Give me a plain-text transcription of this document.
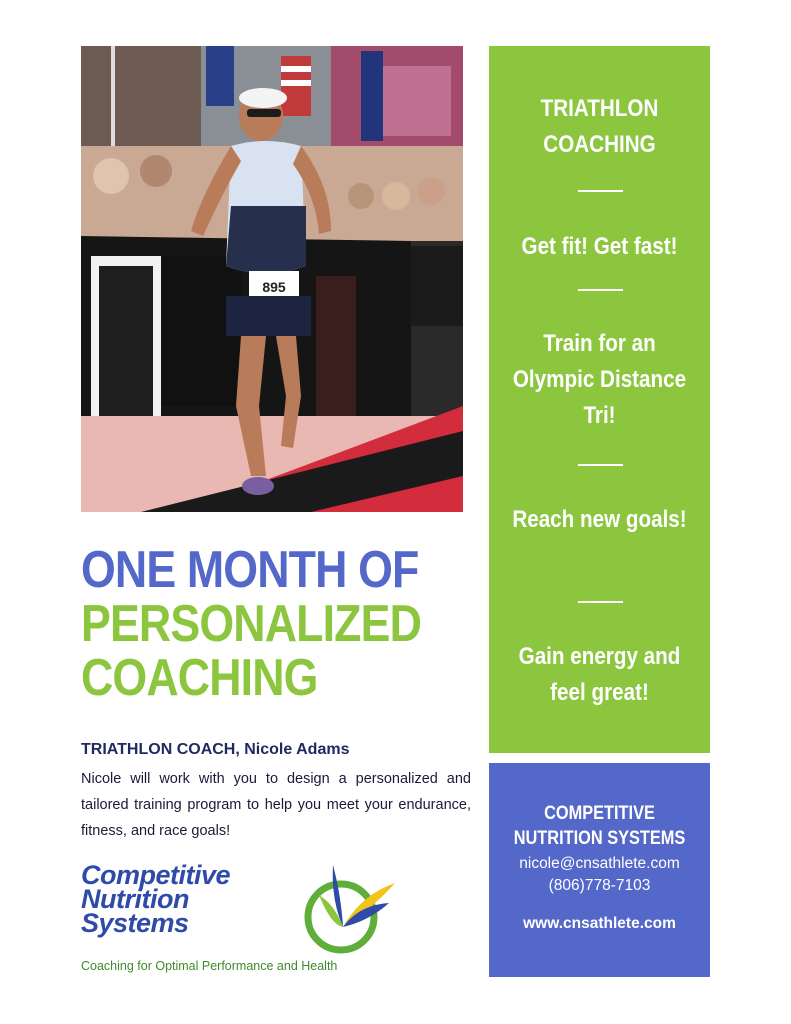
895
ONE MONTH OF
PERSONALIZED
COACHING
TRIATHLON COACH, Nicole Adams
Nicole will work with you to design a personalized and tailored training program to help you meet your endurance, fitness, and race goals!
Competitive
Nutrition
Systems
Coaching for Optimal Performance and Health
TRIATHLON COACHING
Get fit! Get fast!
Train for an Olympic Distance Tri!
Reach new goals!
Gain energy and feel great!
COMPETITIVE NUTRITION SYSTEMS
nicole@cnsathlete.com
(806)778-7103
www.cnsathlete.com
